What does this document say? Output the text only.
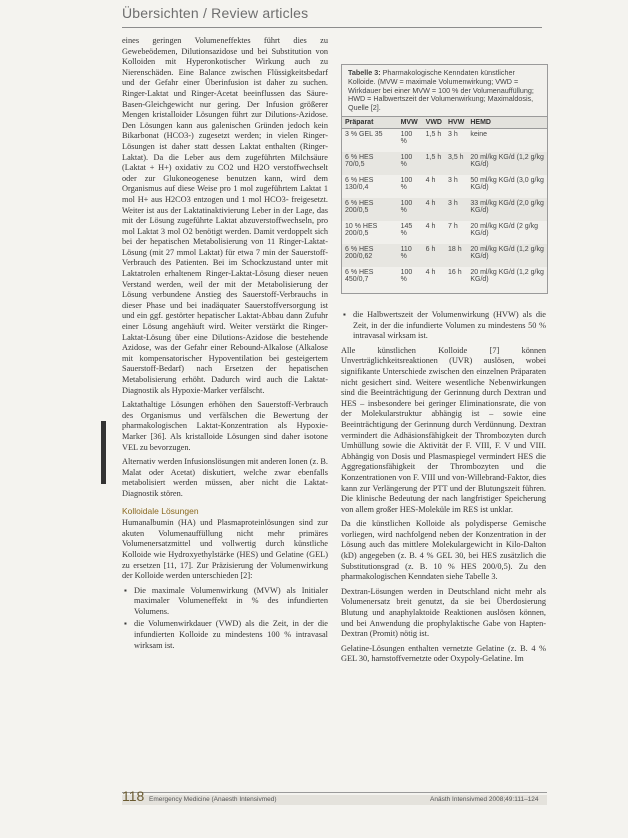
Übersichten / Review articles

eines geringen Volumeneffektes führt dies zu Gewebeödemen, Dilutionsazidose und bei Substitution von Kolloiden mit Hyperonkotischer Wirkung auch zu Nierenschäden. Eine Balance zwischen Flüssigkeitsbedarf und der Gefahr einer Überinfusion ist daher zu suchen. Ringer-Laktat und Ringer-Acetat beeinflussen das Säure-Basen-Gleichgewicht nur gering. Der Infusion größerer Mengen kristalloider Lösungen führt zur Dilutions-Azidose. Den Lösungen kann aus galenischen Gründen jedoch kein Bikarbonat (HCO3-) zugesetzt werden; in vielen Ringer-Lösungen ist daher statt dessen Laktat enthalten (Ringer-Laktat). Da die Leber aus dem zugeführten Milchsäure (Laktat + H+) oxidativ zu CO2 und H2O verstoffwechselt oder zur Glukoneogenese benutzen kann, wird dem Organismus auf diese Weise pro 1 mol zugeführtem Laktat 1 mol H+ aus H2CO3 entzogen und 1 mol HCO3- freigesetzt. Weiter ist aus der Laktatinaktivierung Leber in der Lage, das mit der Lösung zugeführte Laktat abzuverstoffwechseln, pro mol Laktat 3 mol O2 benötigt werden. Damit verdoppelt sich bei der hepatischen Metabolisierung von 11 Ringer-Laktat-Lösung (mit 27 mmol Laktat) für etwa 7 min der Sauerstoff-Verbrauch des Patienten. Bei im Schockzustand unter mit Laktatrolen erhaltenem Ringer-Laktat-Lösung dieser neuen Verstand werden, weil der mit der Metabolisierung der Lösung verbundene Anstieg des Sauerstoff-Verbrauchs in dieser Phase und bei inadäquater Sauerstoffversorgung ist und ein ggf. gestörter hepatischer Laktat-Abbau dann Zufuhr einer Lösung angehäuft wird. Weiter verstärkt die Ringer-Laktat-Lösung über eine Dilutions-Azidose die bestehende Azidose, was der Gefahr einer Rebound-Alkalose (Alkalose mit kompensatorischer Hypoventilation bei gesteigertem Sauerstoff-Bedarf) nach Ersetzen der hepatischen Metabolisierung erhöht. Dadurch wird auch die Laktat-Diagnostik als Hypoxie-Marker verfälscht.

Laktathaltige Lösungen erhöhen den Sauerstoff-Verbrauch des Organismus und verfälschen die Bewertung der pharmakologischen Laktat-Konzentration als Hypoxie-Marker [36]. Als kristalloide Lösungen sind daher isotone VEL zu bevorzugen.

Alternativ werden Infusionslösungen mit anderen Ionen (z. B. Malat oder Acetat) diskutiert, welche zwar ebenfalls metabolisiert werden müssen, aber nicht die Laktat-Diagnostik stören.

Kolloidale Lösungen

Humanalbumin (HA) und Plasmaproteinlösungen sind zur akuten Volumenauffüllung nicht mehr primäres Volumenersatzmittel und vollwertig durch künstliche Kolloide wie Hydroxyethylstärke (HES) und Gelatine (GEL) zu ersetzen [11, 17]. Zur Präzisierung der Volumenwirkung der Kolloide werden unterschieden [2]:

▪ Die maximale Volumenwirkung (MVW) als Initialer maximaler Volumeneffekt in % des infundierten Volumens.
▪ die Volumenwirkdauer (VWD) als die Zeit, in der die infundierten Kolloide zu mindestens 100 % intravasal wirksam ist.
Tabelle 3: Pharmakologische Kenndaten künstlicher Kolloide. (MVW = maximale Volumenwirkung; VWD = Wirkdauer bei einer MVW = 100 % der Volumenauffüllung; HWD = Halbwertszeit der Volumenwirkung; Maximaldosis, Quelle [2].
Präparat	MVW	VWD	HVW	HEMD
3 % GEL 35	100 %	1,5 h	3 h	keine
6 % HES 70/0,5	100 %	1,5 h	3,5 h	20 ml/kg KG/d (1,2 g/kg KG/d)
6 % HES 130/0,4	100 %	4 h	3 h	50 ml/kg KG/d (3,0 g/kg KG/d)
6 % HES 200/0,5	100 %	4 h	3 h	33 ml/kg KG/d (2,0 g/kg KG/d)
10 % HES 200/0,5	145 %	4 h	7 h	20 ml/kg KG/d (2 g/kg KG/d)
6 % HES 200/0,62	110 %	6 h	18 h	20 ml/kg KG/d (1,2 g/kg KG/d)
6 % HES 450/0,7	100 %	4 h	16 h	20 ml/kg KG/d (1,2 g/kg KG/d)
▪ die Halbwertszeit der Volumenwirkung (HVW) als die Zeit, in der die infundierte Volumen zu mindestens 50 % intravasal wirksam ist.

Alle künstlichen Kolloide [7] können Unverträglichkeitsreaktionen (UVR) auslösen, wobei signifikante Unterschiede zwischen den einzelnen Präparaten nicht gesichert sind. Weitere wesentliche Nebenwirkungen sind die Beeinträchtigung der Gerinnung durch Dextran und HES – insbesondere bei geringer Eliminationsrate, die von der Molekularstruktur abhängig ist – sowie eine Beeinträchtigung der Gerinnung durch Verdünnung. Dextran vermindert die Adhäsionsfähigkeit der Thrombozyten durch Umhüllung sowie die Aktivität der F. VIII, F. V und VIII. Abhängig von Dosis und Plasmaspiegel vermindert HES die Aggregationsfähigkeit der Thrombozyten und die Konzentrationen von F. VIII und von-Willebrand-Faktor, dies kann zur Verlängerung der PTT und der Blutungszeit führen. Die klinische Bedeutung der nach langfristiger Speicherung von allem großer HES-Moleküle im RES ist unklar.

Da die künstlichen Kolloide als polydisperse Gemische vorliegen, wird nachfolgend neben der Konzentration in der Lösung auch das mittlere Molekulargewicht in Kilo-Dalton (kD) angegeben (z. B. 4 % GEL 30, bei HES zusätzlich die Substitutionsgrad (z. B. 10 % HES 200/0,5). Zu den pharmakologischen Kenndaten siehe Tabelle 3.

Dextran-Lösungen werden in Deutschland nicht mehr als Volumenersatz breit genutzt, da sie bei Überdosierung Blutung und anaphylaktoide Reaktionen auslösen können, und bei Anwendung die prophylaktische Gabe von Hapten-Dextran (Promit) nötig ist.

Gelatine-Lösungen enthalten vernetzte Gelatine (z. B. 4 % GEL 30, harnstoffvernetzte oder Oxypoly-Gelatine. Im

118 Emergency Medicine (Anaesth Intensivmed)	Anästh Intensivmed 2008;49:111–124
